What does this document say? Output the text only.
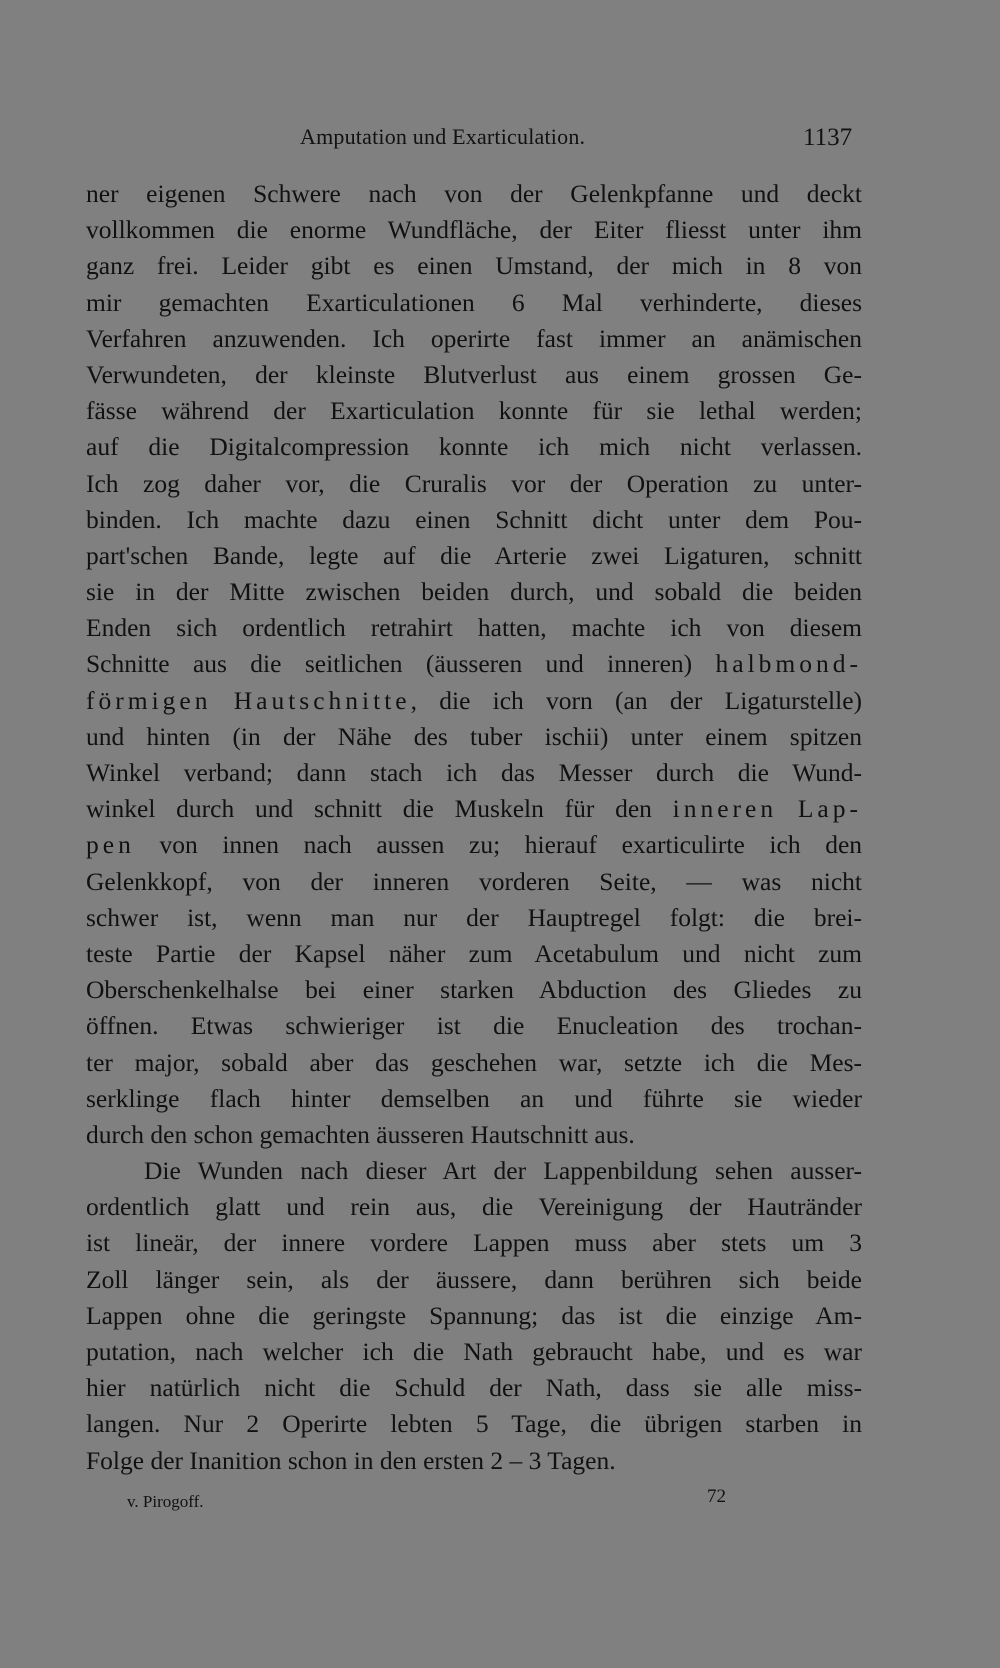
Amputation und Exarticulation.	1137
ner eigenen Schwere nach von der Gelenkpfanne und deckt
vollkommen die enorme Wundfläche, der Eiter fliesst unter ihm
ganz frei. Leider gibt es einen Umstand, der mich in 8 von
mir gemachten Exarticulationen 6 Mal verhinderte, dieses
Verfahren anzuwenden. Ich operirte fast immer an anämischen
Verwundeten, der kleinste Blutverlust aus einem grossen Ge-
fässe während der Exarticulation konnte für sie lethal werden;
auf die Digitalcompression konnte ich mich nicht verlassen.
Ich zog daher vor, die Cruralis vor der Operation zu unter-
binden. Ich machte dazu einen Schnitt dicht unter dem Pou-
part'schen Bande, legte auf die Arterie zwei Ligaturen, schnitt
sie in der Mitte zwischen beiden durch, und sobald die beiden
Enden sich ordentlich retrahirt hatten, machte ich von diesem
Schnitte aus die seitlichen (äusseren und inneren) halbmond-
förmigen Hautschnitte, die ich vorn (an der Ligaturstelle)
und hinten (in der Nähe des tuber ischii) unter einem spitzen
Winkel verband; dann stach ich das Messer durch die Wund-
winkel durch und schnitt die Muskeln für den inneren Lap-
pen von innen nach aussen zu; hierauf exarticulirte ich den
Gelenkkopf, von der inneren vorderen Seite, — was nicht
schwer ist, wenn man nur der Hauptregel folgt: die brei-
teste Partie der Kapsel näher zum Acetabulum und nicht zum
Oberschenkelhalse bei einer starken Abduction des Gliedes zu
öffnen. Etwas schwieriger ist die Enucleation des trochan-
ter major, sobald aber das geschehen war, setzte ich die Mes-
serklinge flach hinter demselben an und führte sie wieder
durch den schon gemachten äusseren Hautschnitt aus.
Die Wunden nach dieser Art der Lappenbildung sehen ausser-
ordentlich glatt und rein aus, die Vereinigung der Hautränder
ist lineär, der innere vordere Lappen muss aber stets um 3
Zoll länger sein, als der äussere, dann berühren sich beide
Lappen ohne die geringste Spannung; das ist die einzige Am-
putation, nach welcher ich die Nath gebraucht habe, und es war
hier natürlich nicht die Schuld der Nath, dass sie alle miss-
langen. Nur 2 Operirte lebten 5 Tage, die übrigen starben in
Folge der Inanition schon in den ersten 2 – 3 Tagen.
v. Pirogoff.	72
